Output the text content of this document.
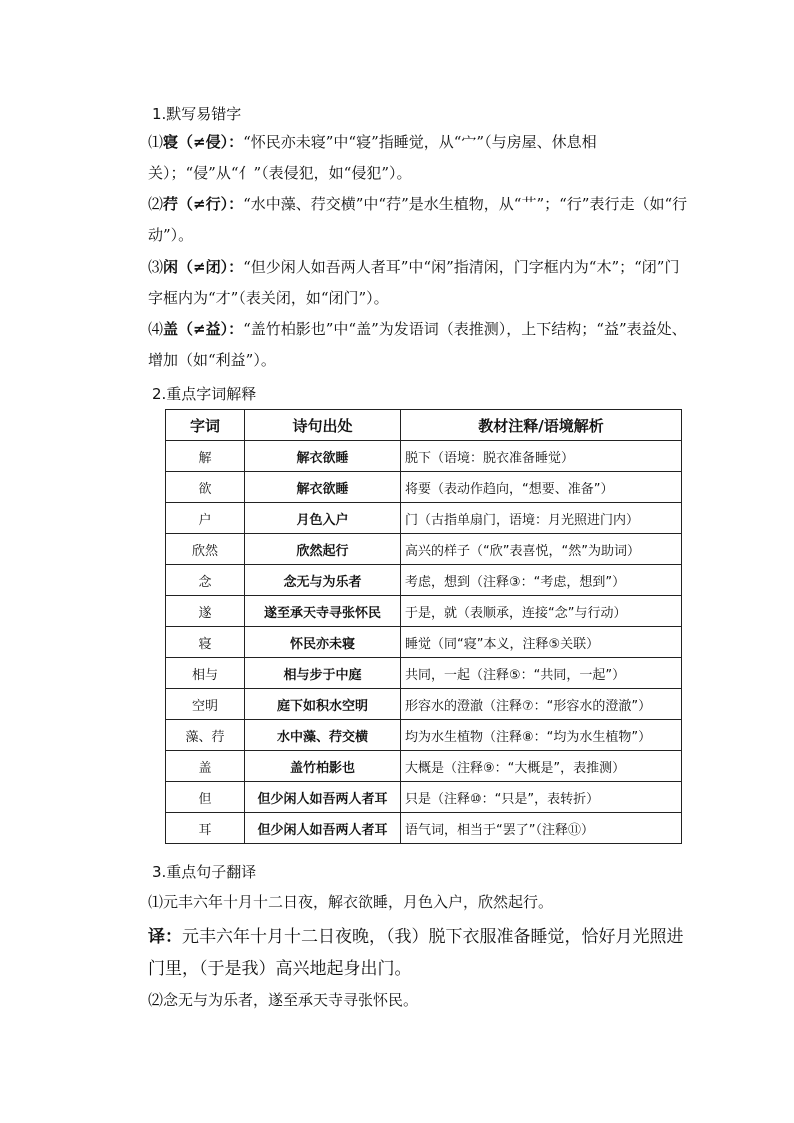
1.默写易错字
⑴寝（≠侵）：“怀民亦未寝”中“寝”指睡觉，从“宀”（与房屋、休息相关）；“侵”从“亻”（表侵犯，如“侵犯”）。
⑵荇（≠行）：“水中藻、荇交横”中“荇”是水生植物，从“艹”；“行”表行走（如“行动”）。
⑶闲（≠闭）：“但少闲人如吾两人者耳”中“闲”指清闲，门字框内为“木”；“闭”门字框内为“才”（表关闭，如“闭门”）。
⑷盖（≠益）：“盖竹柏影也”中“盖”为发语词（表推测），上下结构；“益”表益处、增加（如“利益”）。
2.重点字词解释
字词	诗句出处	教材注释/语境解析
解	解衣欲睡	脱下（语境：脱衣准备睡觉）
欲	解衣欲睡	将要（表动作趋向，“想要、准备”）
户	月色入户	门（古指单扇门，语境：月光照进门内）
欣然	欣然起行	高兴的样子（“欣”表喜悦，“然”为助词）
念	念无与为乐者	考虑，想到（注释③：“考虑，想到”）
遂	遂至承天寺寻张怀民	于是，就（表顺承，连接“念”与行动）
寝	怀民亦未寝	睡觉（同“寝”本义，注释⑤关联）
相与	相与步于中庭	共同，一起（注释⑤：“共同，一起”）
空明	庭下如积水空明	形容水的澄澈（注释⑦：“形容水的澄澈”）
藻、荇	水中藻、荇交横	均为水生植物（注释⑧：“均为水生植物”）
盖	盖竹柏影也	大概是（注释⑨：“大概是”，表推测）
但	但少闲人如吾两人者耳	只是（注释⑩：“只是”，表转折）
耳	但少闲人如吾两人者耳	语气词，相当于“罢了”（注释⑪）
3.重点句子翻译
⑴元丰六年十月十二日夜，解衣欲睡，月色入户，欣然起行。
译：元丰六年十月十二日夜晚，（我）脱下衣服准备睡觉，恰好月光照进门里，（于是我）高兴地起身出门。
⑵念无与为乐者，遂至承天寺寻张怀民。
